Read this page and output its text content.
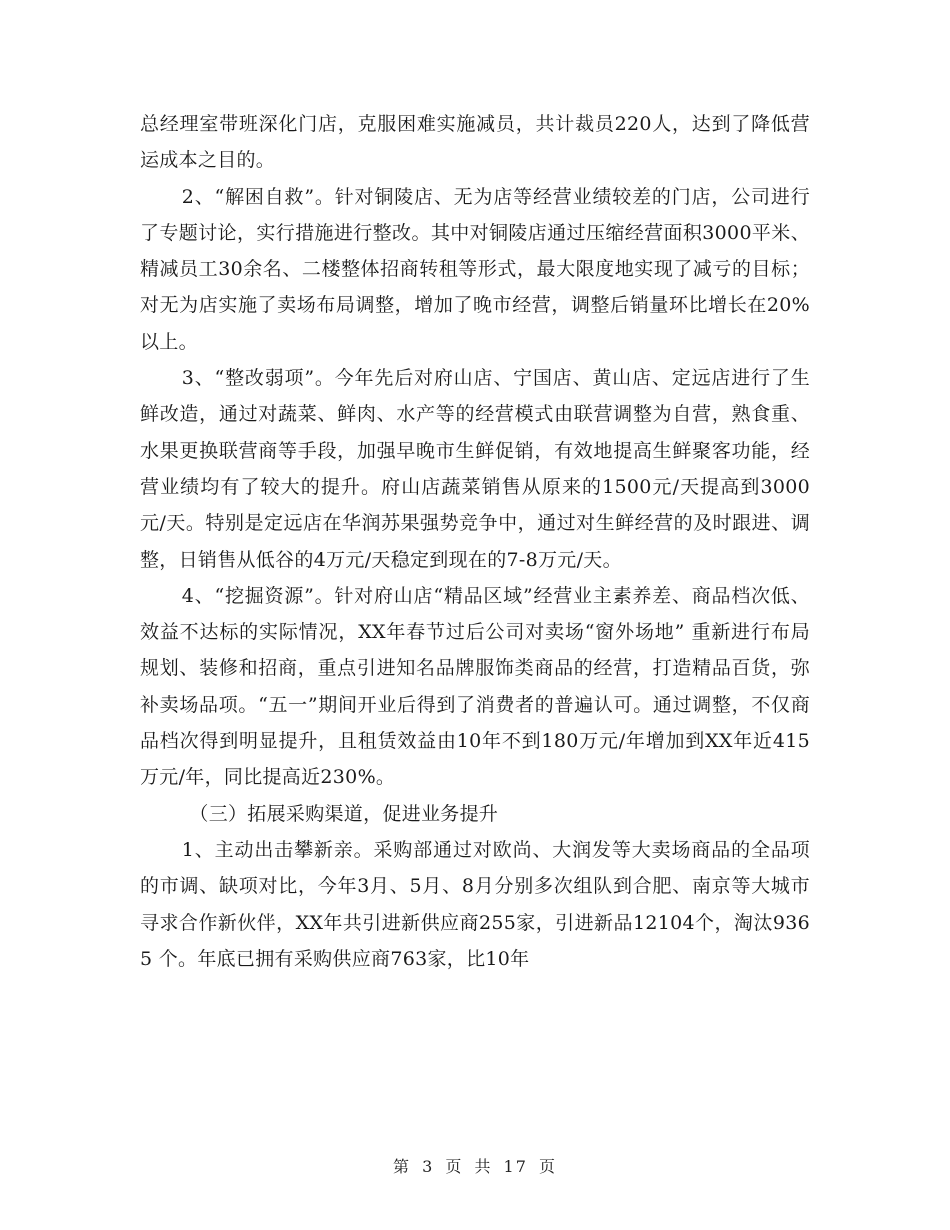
总经理室带班深化门店，克服困难实施减员，共计裁员220人，达到了降低营运成本之目的。

2、“解困自救”。针对铜陵店、无为店等经营业绩较差的门店，公司进行了专题讨论，实行措施进行整改。其中对铜陵店通过压缩经营面积3000平米、精减员工30余名、二楼整体招商转租等形式，最大限度地实现了减亏的目标；对无为店实施了卖场布局调整，增加了晚市经营，调整后销量环比增长在20%以上。

3、“整改弱项”。今年先后对府山店、宁国店、黄山店、定远店进行了生鲜改造，通过对蔬菜、鲜肉、水产等的经营模式由联营调整为自营，熟食重、水果更换联营商等手段，加强早晚市生鲜促销，有效地提高生鲜聚客功能，经营业绩均有了较大的提升。府山店蔬菜销售从原来的1500元/天提高到3000元/天。特别是定远店在华润苏果强势竞争中，通过对生鲜经营的及时跟进、调整，日销售从低谷的4万元/天稳定到现在的7-8万元/天。

4、“挖掘资源”。针对府山店“精品区域”经营业主素养差、商品档次低、效益不达标的实际情况，XX年春节过后公司对卖场“窗外场地” 重新进行布局规划、装修和招商，重点引进知名品牌服饰类商品的经营，打造精品百货，弥补卖场品项。“五一”期间开业后得到了消费者的普遍认可。通过调整，不仅商品档次得到明显提升，且租赁效益由10年不到180万元/年增加到XX年近415万元/年，同比提高近230%。

（三）拓展采购渠道，促进业务提升

1、主动出击攀新亲。采购部通过对欧尚、大润发等大卖场商品的全品项的市调、缺项对比，今年3月、5月、8月分别多次组队到合肥、南京等大城市寻求合作新伙伴，XX年共引进新供应商255家，引进新品12104个，淘汰9365 个。年底已拥有采购供应商763家，比10年

第 3 页 共 17 页
